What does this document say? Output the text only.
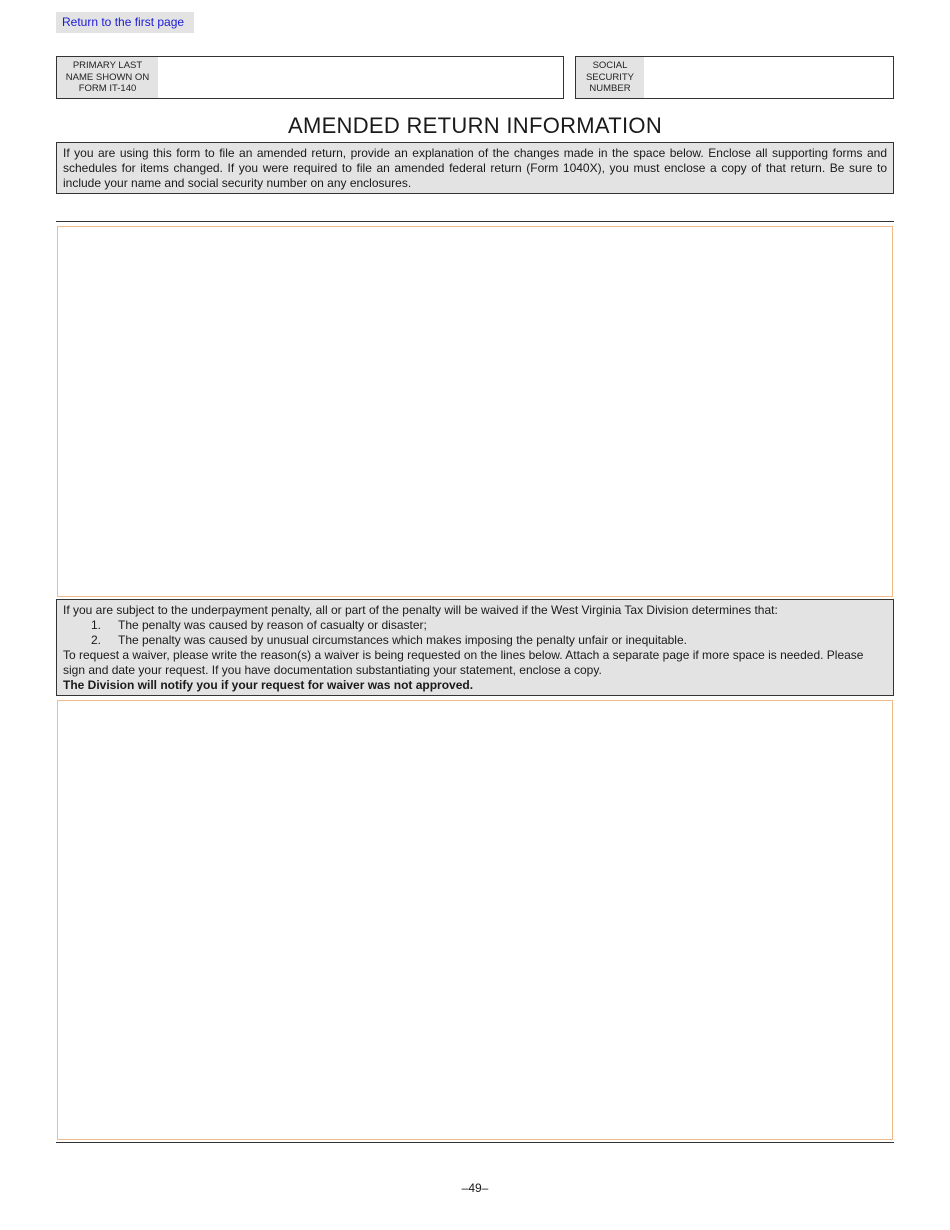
Return to the first page
PRIMARY LAST NAME SHOWN ON FORM IT-140
SOCIAL SECURITY NUMBER
AMENDED RETURN INFORMATION
If you are using this form to file an amended return, provide an explanation of the changes made in the space below. Enclose all supporting forms and schedules for items changed. If you were required to file an amended federal return (Form 1040X), you must enclose a copy of that return. Be sure to include your name and social security number on any enclosures.
If you are subject to the underpayment penalty, all or part of the penalty will be waived if the West Virginia Tax Division determines that:
1.	The penalty was caused by reason of casualty or disaster;
2.	The penalty was caused by unusual circumstances which makes imposing the penalty unfair or inequitable.
To request a waiver, please write the reason(s) a waiver is being requested on the lines below. Attach a separate page if more space is needed. Please sign and date your request. If you have documentation substantiating your statement, enclose a copy.
The Division will notify you if your request for waiver was not approved.
–49–
